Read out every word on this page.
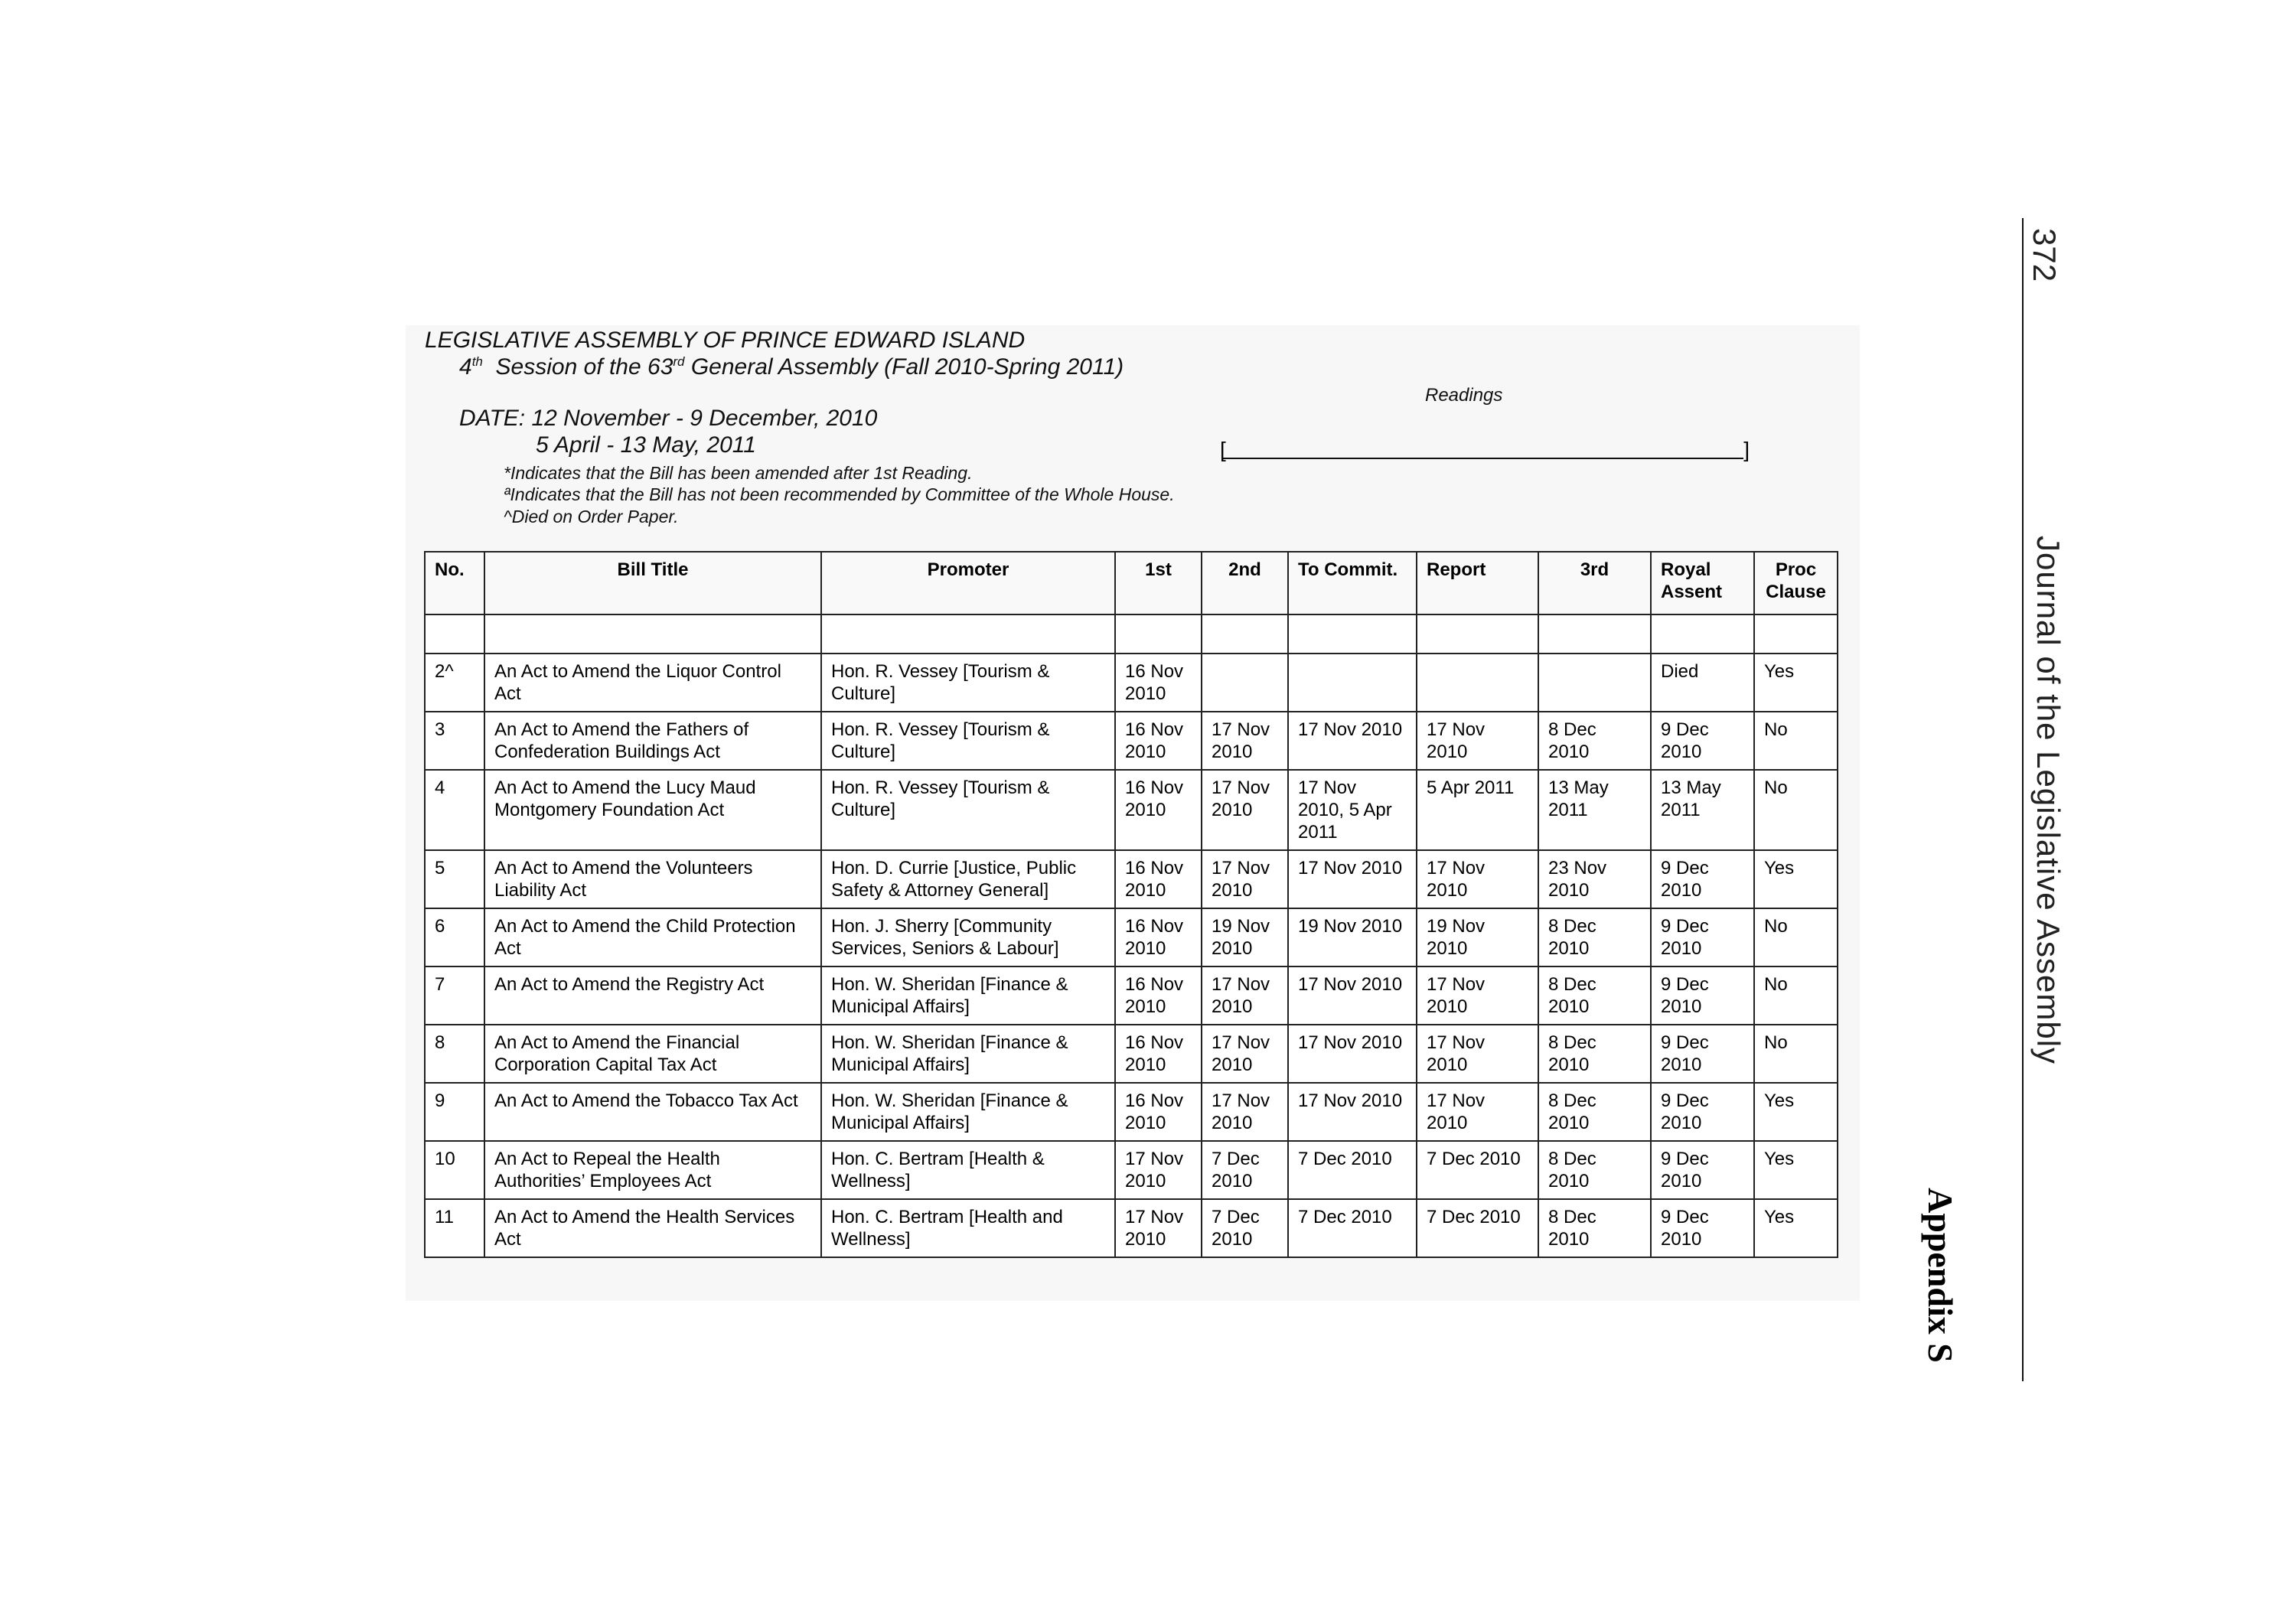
LEGISLATIVE ASSEMBLY OF PRINCE EDWARD ISLAND
4th Session of the 63rd General Assembly (Fall 2010-Spring 2011)
DATE: 12 November - 9 December, 2010
5 April - 13 May, 2011
*Indicates that the Bill has been amended after 1st Reading.
ªIndicates that the Bill has not been recommended by Committee of the Whole House.
^Died on Order Paper.
Readings
[	]
No.	Bill Title	Promoter	1st	2nd	To Commit.	Report	3rd	Royal Assent	Proc Clause

2^	An Act to Amend the Liquor Control Act	Hon. R. Vessey [Tourism & Culture]	16 Nov 2010					Died	Yes
3	An Act to Amend the Fathers of Confederation Buildings Act	Hon. R. Vessey [Tourism & Culture]	16 Nov 2010	17 Nov 2010	17 Nov 2010	17 Nov 2010	8 Dec 2010	9 Dec 2010	No
4	An Act to Amend the Lucy Maud Montgomery Foundation Act	Hon. R. Vessey [Tourism & Culture]	16 Nov 2010	17 Nov 2010	17 Nov 2010, 5 Apr 2011	5 Apr 2011	13 May 2011	13 May 2011	No
5	An Act to Amend the Volunteers Liability Act	Hon. D. Currie [Justice, Public Safety & Attorney General]	16 Nov 2010	17 Nov 2010	17 Nov 2010	17 Nov 2010	23 Nov 2010	9 Dec 2010	Yes
6	An Act to Amend the Child Protection Act	Hon. J. Sherry [Community Services, Seniors & Labour]	16 Nov 2010	19 Nov 2010	19 Nov 2010	19 Nov 2010	8 Dec 2010	9 Dec 2010	No
7	An Act to Amend the Registry Act	Hon. W. Sheridan [Finance & Municipal Affairs]	16 Nov 2010	17 Nov 2010	17 Nov 2010	17 Nov 2010	8 Dec 2010	9 Dec 2010	No
8	An Act to Amend the Financial Corporation Capital Tax Act	Hon. W. Sheridan [Finance & Municipal Affairs]	16 Nov 2010	17 Nov 2010	17 Nov 2010	17 Nov 2010	8 Dec 2010	9 Dec 2010	No
9	An Act to Amend the Tobacco Tax Act	Hon. W. Sheridan [Finance & Municipal Affairs]	16 Nov 2010	17 Nov 2010	17 Nov 2010	17 Nov 2010	8 Dec 2010	9 Dec 2010	Yes
10	An Act to Repeal the Health Authorities’ Employees Act	Hon. C. Bertram [Health & Wellness]	17 Nov 2010	7 Dec 2010	7 Dec 2010	7 Dec 2010	8 Dec 2010	9 Dec 2010	Yes
11	An Act to Amend the Health Services Act	Hon. C. Bertram [Health and Wellness]	17 Nov 2010	7 Dec 2010	7 Dec 2010	7 Dec 2010	8 Dec 2010	9 Dec 2010	Yes
372
Journal of the Legislative Assembly
Appendix S
